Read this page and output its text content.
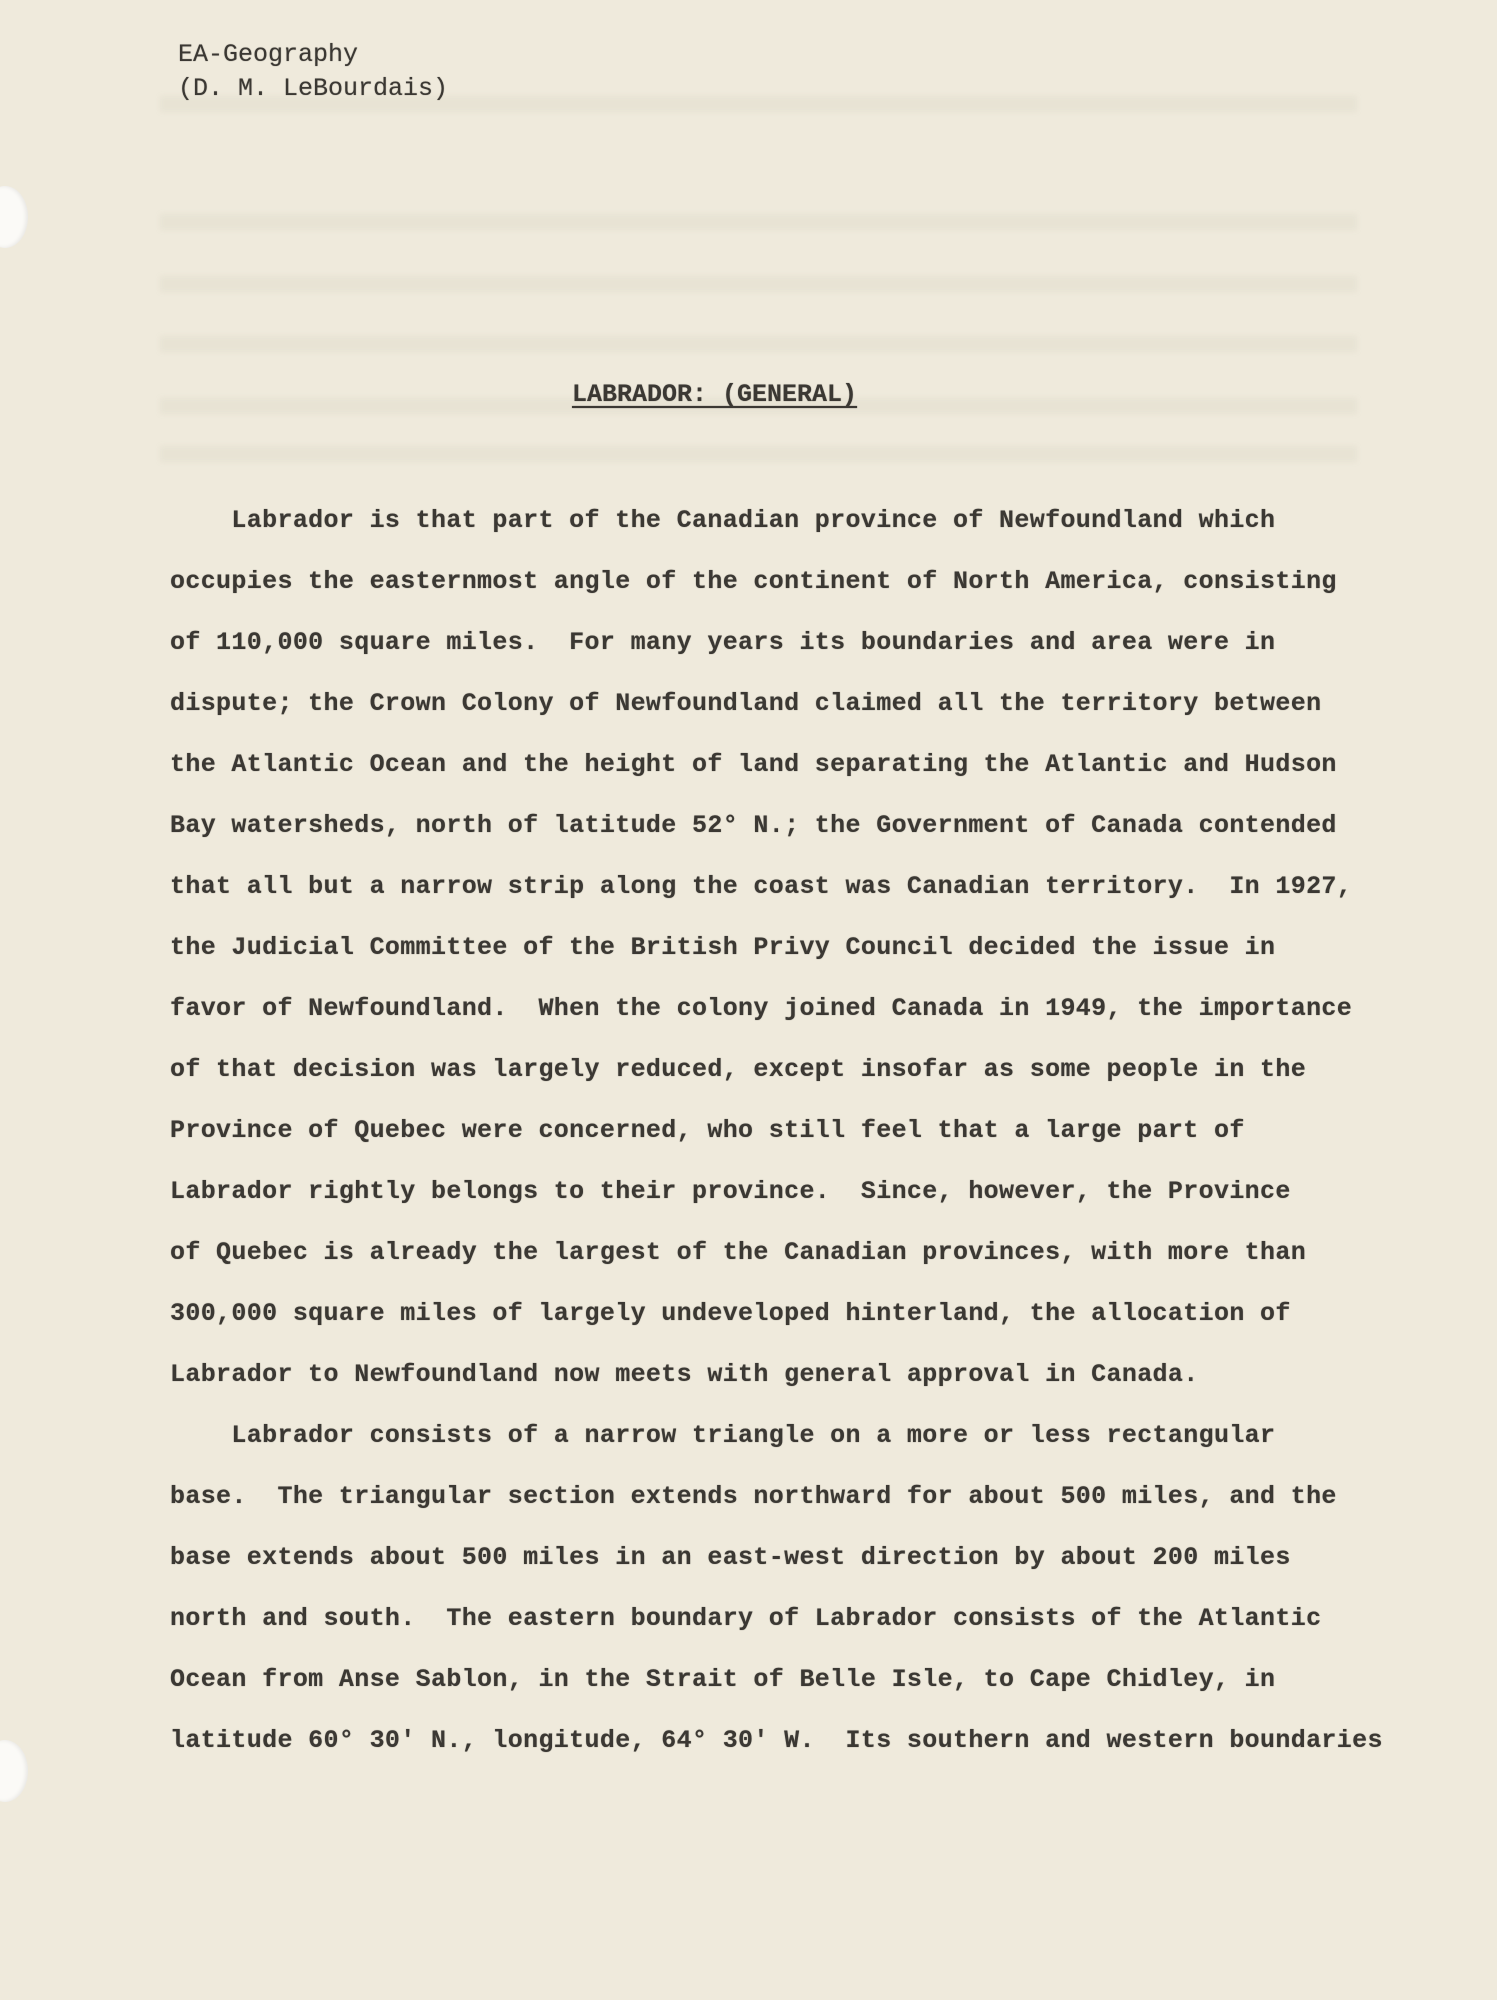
EA-Geography
(D. M. LeBourdais)
LABRADOR: (GENERAL)
Labrador is that part of the Canadian province of Newfoundland which
occupies the easternmost angle of the continent of North America, consisting
of 110,000 square miles.  For many years its boundaries and area were in
dispute; the Crown Colony of Newfoundland claimed all the territory between
the Atlantic Ocean and the height of land separating the Atlantic and Hudson
Bay watersheds, north of latitude 52° N.; the Government of Canada contended
that all but a narrow strip along the coast was Canadian territory.  In 1927,
the Judicial Committee of the British Privy Council decided the issue in
favor of Newfoundland.  When the colony joined Canada in 1949, the importance
of that decision was largely reduced, except insofar as some people in the
Province of Quebec were concerned, who still feel that a large part of
Labrador rightly belongs to their province.  Since, however, the Province
of Quebec is already the largest of the Canadian provinces, with more than
300,000 square miles of largely undeveloped hinterland, the allocation of
Labrador to Newfoundland now meets with general approval in Canada.
Labrador consists of a narrow triangle on a more or less rectangular
base.  The triangular section extends northward for about 500 miles, and the
base extends about 500 miles in an east-west direction by about 200 miles
north and south.  The eastern boundary of Labrador consists of the Atlantic
Ocean from Anse Sablon, in the Strait of Belle Isle, to Cape Chidley, in
latitude 60° 30' N., longitude, 64° 30' W.  Its southern and western boundaries
